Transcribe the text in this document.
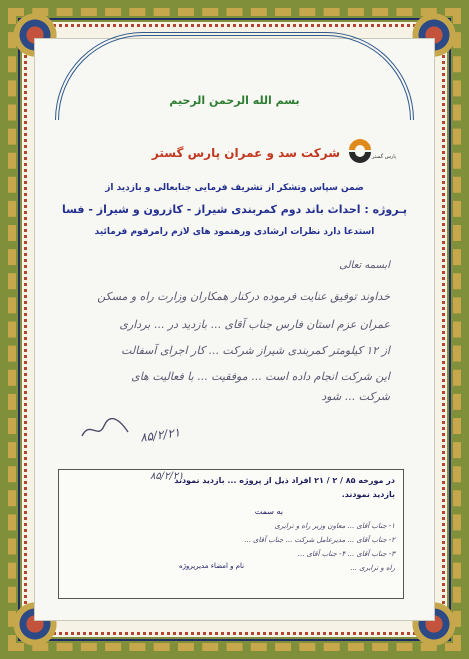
بسم الله الرحمن الرحيم
شرکت سد و عمران پارس گستر	پارس گستر
ضمن سپاس وتشکر از تشریف فرمایی جنابعالی و بازدید از
پـروژه : احداث باند دوم کمربندی شیراز - کازرون و شیراز - فسا
استدعا دارد نظرات ارشادی ورهنمود های لازم رامرقوم فرمائید
ابسمه تعالی
خداوند توفیق عنایت فرموده درکنار همکاران وزارت راه و مسکن
عمران عزم استان فارس جناب آقای ... بازدید در ... برداری
از ۱۲ کیلومتر کمربندی شیراز شرکت ... کار اجرای آسفالت
این شرکت انجام داده است ... موفقیت ... با فعالیت های
شرکت ... شود
۸۵/۲/۲۱
در مورخه ۸۵ / ۲ / ۲۱ افراد ذیل از پروژه ... بازدید نمودند
بازدید نمودند.
به سمت
۱- جناب آقای ... معاون وزیر راه و ترابری
۲- جناب آقای ... مدیرعامل شرکت ... جناب آقای ...
۳- جناب آقای ... ۴- جناب آقای ...
راه و ترابری ...
نام و امضاء مدیرپروژه
۸۵/۲/۲۱
